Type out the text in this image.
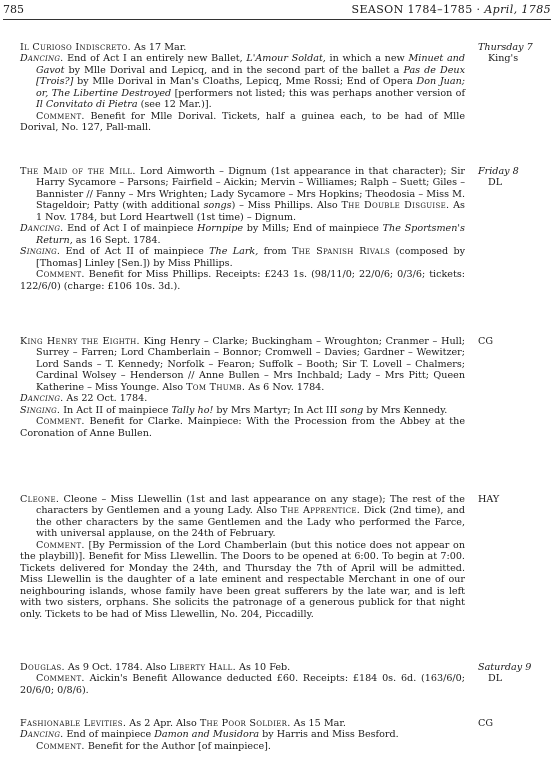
785	SEASON 1784–1785 · April, 1785

Il Curioso Indiscreto. As 17 Mar.

Dancing. End of Act I an entirely new Ballet, L'Amour Soldat, in which a new Minuet and Gavot by Mlle Dorival and Lepicq, and in the second part of the ballet a Pas de Deux [Trois?] by Mlle Dorival in Man's Cloaths, Lepicq, Mme Rossi; End of Opera Don Juan; or, The Libertine Destroyed [performers not listed; this was perhaps another version of Il Convitato di Pietra (see 12 Mar.)].

Comment. Benefit for Mlle Dorival. Tickets, half a guinea each, to be had of Mlle Dorival, No. 127, Pall-mall.

Thursday 7
King's

The Maid of the Mill. Lord Aimworth – Dignum (1st appearance in that character); Sir Harry Sycamore – Parsons; Fairfield – Aickin; Mervin – Williames; Ralph – Suett; Giles – Bannister // Fanny – Mrs Wrighten; Lady Sycamore – Mrs Hopkins; Theodosia – Miss M. Stageldoir; Patty (with additional songs) – Miss Phillips. Also The Double Disguise. As 1 Nov. 1784, but Lord Heartwell (1st time) – Dignum.

Dancing. End of Act I of mainpiece Hornpipe by Mills; End of mainpiece The Sportsmen's Return, as 16 Sept. 1784.

Singing. End of Act II of mainpiece The Lark, from The Spanish Rivals (composed by [Thomas] Linley [Sen.]) by Miss Phillips.

Comment. Benefit for Miss Phillips. Receipts: £243 1s. (98/11/0; 22/0/6; 0/3/6; tickets: 122/6/0) (charge: £106 10s. 3d.).

Friday 8
DL

King Henry the Eighth. King Henry – Clarke; Buckingham – Wroughton; Cranmer – Hull; Surrey – Farren; Lord Chamberlain – Bonnor; Cromwell – Davies; Gardner – Wewitzer; Lord Sands – T. Kennedy; Norfolk – Fearon; Suffolk – Booth; Sir T. Lovell – Chalmers; Cardinal Wolsey – Henderson // Anne Bullen – Mrs Inchbald; Lady – Mrs Pitt; Queen Katherine – Miss Younge. Also Tom Thumb. As 6 Nov. 1784.

Dancing. As 22 Oct. 1784.

Singing. In Act II of mainpiece Tally ho! by Mrs Martyr; In Act III song by Mrs Kennedy.

Comment. Benefit for Clarke. Mainpiece: With the Procession from the Abbey at the Coronation of Anne Bullen.

CG

Cleone. Cleone – Miss Llewellin (1st and last appearance on any stage); The rest of the characters by Gentlemen and a young Lady. Also The Apprentice. Dick (2nd time), and the other characters by the same Gentlemen and the Lady who performed the Farce, with universal applause, on the 24th of February.

Comment. [By Permission of the Lord Chamberlain (but this notice does not appear on the playbill)]. Benefit for Miss Llewellin. The Doors to be opened at 6:00. To begin at 7:00. Tickets delivered for Monday the 24th, and Thursday the 7th of April will be admitted. Miss Llewellin is the daughter of a late eminent and respectable Merchant in one of our neighbouring islands, whose family have been great sufferers by the late war, and is left with two sisters, orphans. She solicits the patronage of a generous publick for that night only. Tickets to be had of Miss Llewellin, No. 204, Piccadilly.

HAY

Douglas. As 9 Oct. 1784. Also Liberty Hall. As 10 Feb.

Comment. Aickin's Benefit Allowance deducted £60. Receipts: £184 0s. 6d. (163/6/0; 20/6/0; 0/8/6).

Saturday 9
DL

Fashionable Levities. As 2 Apr. Also The Poor Soldier. As 15 Mar.

Dancing. End of mainpiece Damon and Musidora by Harris and Miss Besford.

Comment. Benefit for the Author [of mainpiece].

CG
